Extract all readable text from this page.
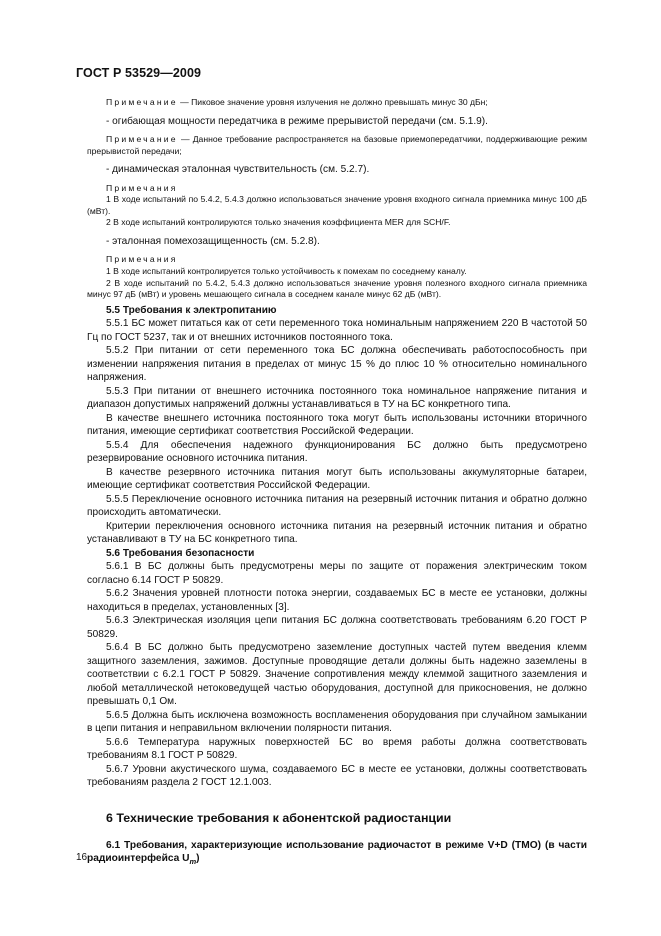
ГОСТ Р 53529—2009

Примечание — Пиковое значение уровня излучения не должно превышать минус 30 дБн;

- огибающая мощности передатчика в режиме прерывистой передачи (см. 5.1.9).

Примечание — Данное требование распространяется на базовые приемопередатчики, поддерживающие режим прерывистой передачи;

- динамическая эталонная чувствительность (см. 5.2.7).

Примечания

1 В ходе испытаний по 5.4.2, 5.4.3 должно использоваться значение уровня входного сигнала приемника минус 100 дБ (мВт).

2 В ходе испытаний контролируются только значения коэффициента MER для SCH/F.

- эталонная помехозащищенность (см. 5.2.8).

Примечания

1 В ходе испытаний контролируется только устойчивость к помехам по соседнему каналу.

2 В ходе испытаний по 5.4.2, 5.4.3 должно использоваться значение уровня полезного входного сигнала приемника минус 97 дБ (мВт) и уровень мешающего сигнала в соседнем канале минус 62 дБ (мВт).

5.5 Требования к электропитанию

5.5.1 БС может питаться как от сети переменного тока номинальным напряжением 220 В частотой 50 Гц по ГОСТ 5237, так и от внешних источников постоянного тока.

5.5.2 При питании от сети переменного тока БС должна обеспечивать работоспособность при изменении напряжения питания в пределах от минус 15 % до плюс 10 % относительно номинального напряжения.

5.5.3 При питании от внешнего источника постоянного тока номинальное напряжение питания и диапазон допустимых напряжений должны устанавливаться в ТУ на БС конкретного типа.

В качестве внешнего источника постоянного тока могут быть использованы источники вторичного питания, имеющие сертификат соответствия Российской Федерации.

5.5.4 Для обеспечения надежного функционирования БС должно быть предусмотрено резервирование основного источника питания.

В качестве резервного источника питания могут быть использованы аккумуляторные батареи, имеющие сертификат соответствия Российской Федерации.

5.5.5 Переключение основного источника питания на резервный источник питания и обратно должно происходить автоматически.

Критерии переключения основного источника питания на резервный источник питания и обратно устанавливают в ТУ на БС конкретного типа.

5.6 Требования безопасности

5.6.1 В БС должны быть предусмотрены меры по защите от поражения электрическим током согласно 6.14 ГОСТ Р 50829.

5.6.2 Значения уровней плотности потока энергии, создаваемых БС в месте ее установки, должны находиться в пределах, установленных [3].

5.6.3 Электрическая изоляция цепи питания БС должна соответствовать требованиям 6.20 ГОСТ Р 50829.

5.6.4 В БС должно быть предусмотрено заземление доступных частей путем введения клемм защитного заземления, зажимов. Доступные проводящие детали должны быть надежно заземлены в соответствии с 6.2.1 ГОСТ Р 50829. Значение сопротивления между клеммой защитного заземления и любой металлической нетоковедущей частью оборудования, доступной для прикосновения, не должно превышать 0,1 Ом.

5.6.5 Должна быть исключена возможность воспламенения оборудования при случайном замыкании в цепи питания и неправильном включении полярности питания.

5.6.6 Температура наружных поверхностей БС во время работы должна соответствовать требованиям 8.1 ГОСТ Р 50829.

5.6.7 Уровни акустического шума, создаваемого БС в месте ее установки, должны соответствовать требованиям раздела 2 ГОСТ 12.1.003.

6 Технические требования к абонентской радиостанции

6.1 Требования, характеризующие использование радиочастот в режиме V+D (TMO) (в части радиоинтерфейса $U_m$)

16
